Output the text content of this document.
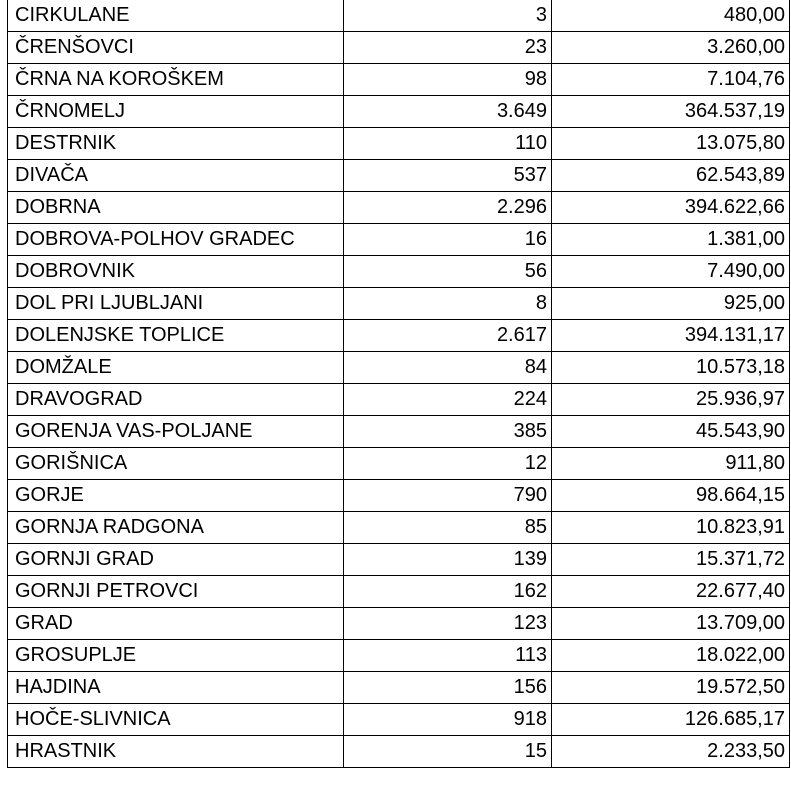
CIRKULANE	3	480,00
ČRENŠOVCI	23	3.260,00
ČRNA NA KOROŠKEM	98	7.104,76
ČRNOMELJ	3.649	364.537,19
DESTRNIK	110	13.075,80
DIVAČA	537	62.543,89
DOBRNA	2.296	394.622,66
DOBROVA-POLHOV GRADEC	16	1.381,00
DOBROVNIK	56	7.490,00
DOL PRI LJUBLJANI	8	925,00
DOLENJSKE TOPLICE	2.617	394.131,17
DOMŽALE	84	10.573,18
DRAVOGRAD	224	25.936,97
GORENJA VAS-POLJANE	385	45.543,90
GORIŠNICA	12	911,80
GORJE	790	98.664,15
GORNJA RADGONA	85	10.823,91
GORNJI GRAD	139	15.371,72
GORNJI PETROVCI	162	22.677,40
GRAD	123	13.709,00
GROSUPLJE	113	18.022,00
HAJDINA	156	19.572,50
HOČE-SLIVNICA	918	126.685,17
HRASTNIK	15	2.233,50
